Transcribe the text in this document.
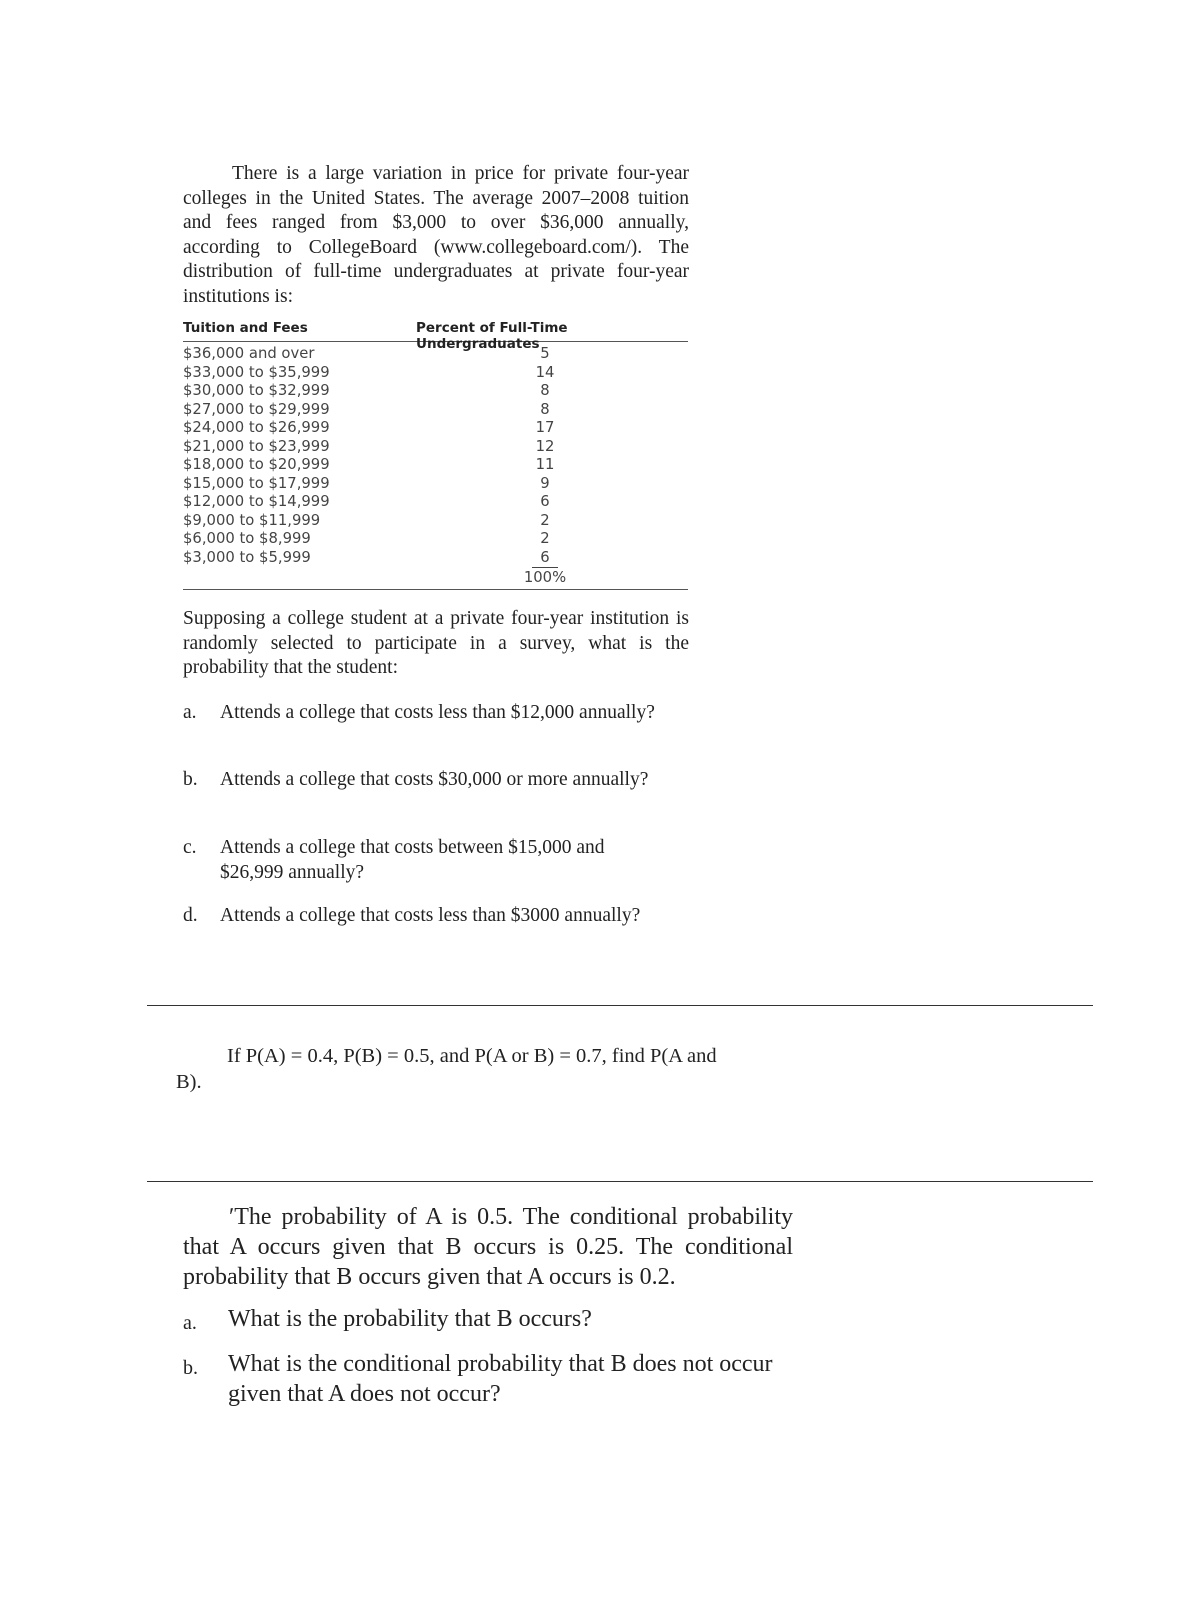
There is a large variation in price for private four-year colleges in the United States. The average 2007–2008 tuition and fees ranged from $3,000 to over $36,000 annually, according to CollegeBoard (www.collegeboard.com/). The distribution of full-time undergraduates at private four-year institutions is:
Tuition and Fees	Percent of Full-Time Undergraduates
$36,000 and over	5
$33,000 to $35,999	14
$30,000 to $32,999	8
$27,000 to $29,999	8
$24,000 to $26,999	17
$21,000 to $23,999	12
$18,000 to $20,999	11
$15,000 to $17,999	9
$12,000 to $14,999	6
$9,000 to $11,999	2
$6,000 to $8,999	2
$3,000 to $5,999	6
100%
Supposing a college student at a private four-year institution is randomly selected to participate in a survey, what is the probability that the student:
a. Attends a college that costs less than $12,000 annually?
b. Attends a college that costs $30,000 or more annually?
c. Attends a college that costs between $15,000 and $26,999 annually?
d. Attends a college that costs less than $3000 annually?
If P(A) = 0.4, P(B) = 0.5, and P(A or B) = 0.7, find P(A and B).
ʹThe probability of A is 0.5. The conditional probability that A occurs given that B occurs is 0.25. The conditional probability that B occurs given that A occurs is 0.2.
a. What is the probability that B occurs?
b. What is the conditional probability that B does not occur given that A does not occur?
